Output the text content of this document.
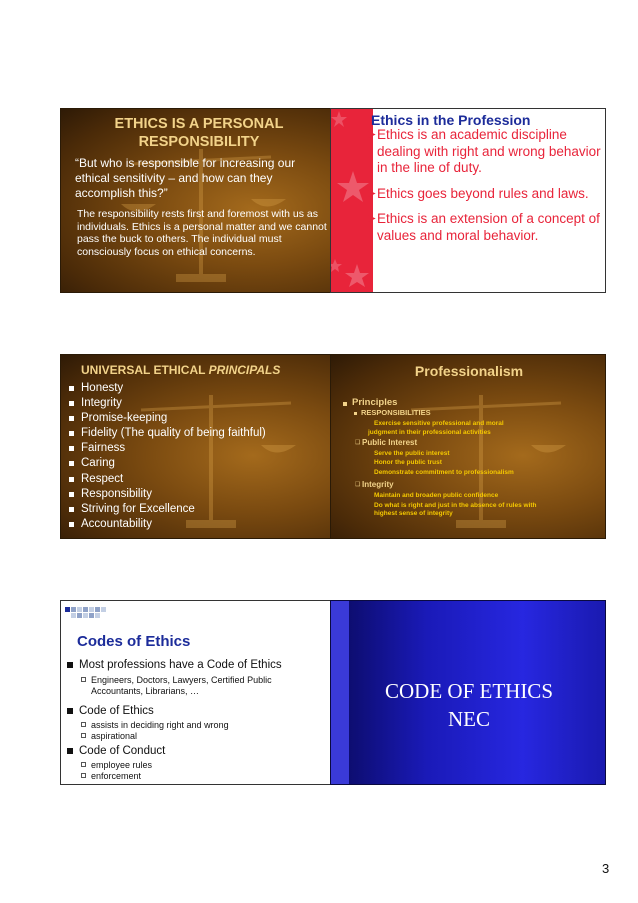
ETHICS IS A PERSONAL RESPONSIBILITY
“But who is responsible for increasing our ethical sensitivity – and how can they accomplish this?”
The responsibility rests first and foremost with us as individuals. Ethics is a personal matter and we cannot pass the buck to others. The individual must consciously focus on ethical concerns.
Ethics in the Profession
➤ Ethics is an academic discipline dealing with right and wrong behavior in the line of duty.
➤ Ethics goes beyond rules and laws.
➤ Ethics is an extension of a concept of values and moral behavior.
UNIVERSAL ETHICAL PRINCIPALS
Honesty
Integrity
Promise-keeping
Fidelity (The quality of being faithful)
Fairness
Caring
Respect
Responsibility
Striving for Excellence
Accountability
Professionalism
Principles
RESPONSIBILITIES
Exercise sensitive professional and moral
judgment in their professional activities
❑ Public Interest
Serve the public interest
Honor the public trust
Demonstrate commitment to professionalism
❑ Integrity
Maintain and broaden public confidence
Do what is right and just in the absence of rules with
highest sense of integrity
Codes of Ethics
Most professions have a Code of Ethics
Engineers, Doctors, Lawyers, Certified Public
Accountants, Librarians, …
Code of Ethics
assists in deciding right and wrong
aspirational
Code of Conduct
employee rules
enforcement
CODE OF ETHICS
NEC
3
